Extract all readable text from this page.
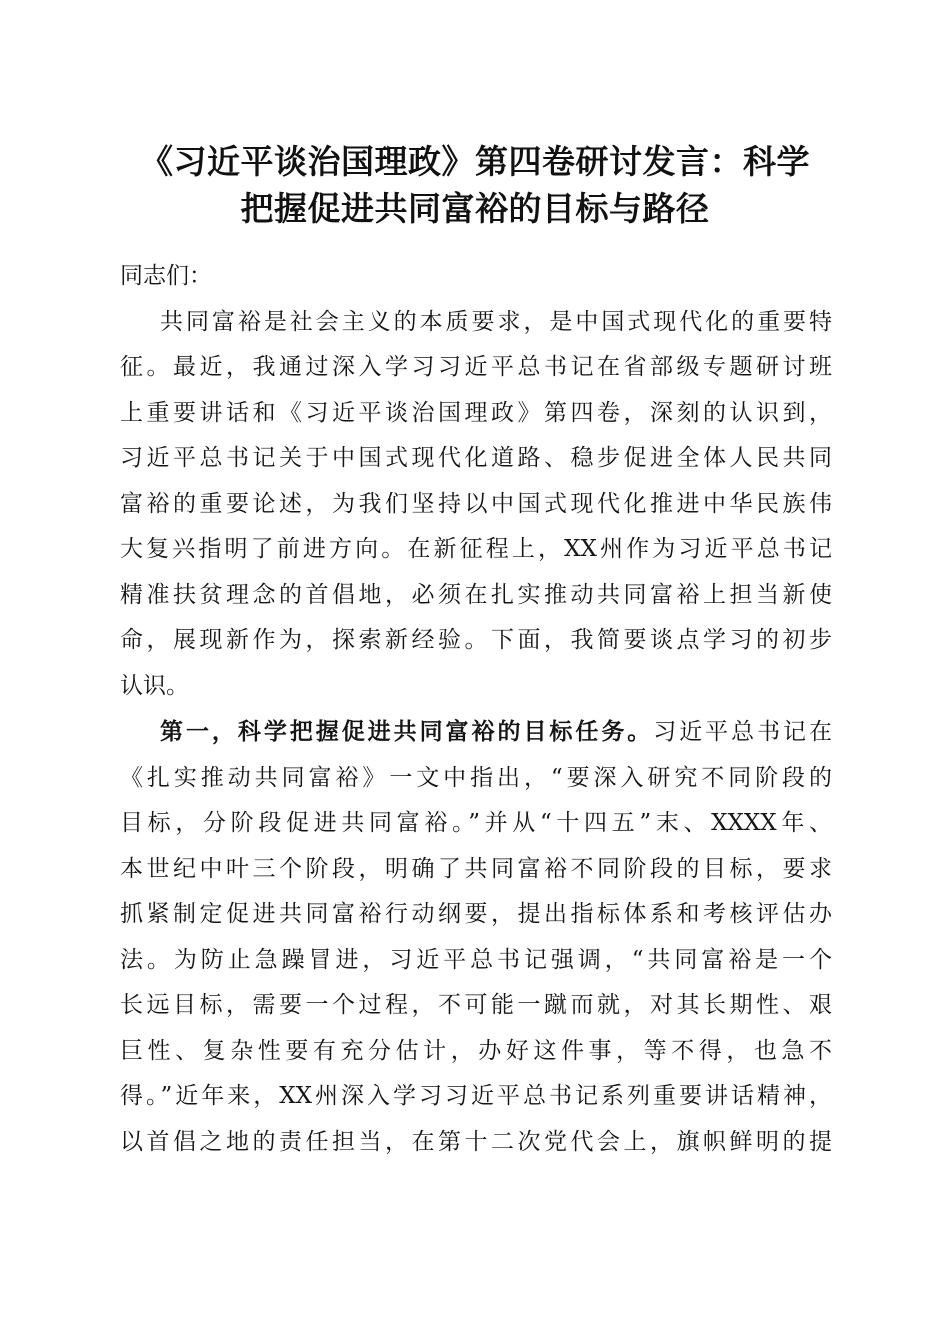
《习近平谈治国理政》第四卷研讨发言：科学
把握促进共同富裕的目标与路径
同志们：
共同富裕是社会主义的本质要求，是中国式现代化的重要特
征。最近，我通过深入学习习近平总书记在省部级专题研讨班
上重要讲话和《习近平谈治国理政》第四卷，深刻的认识到，
习近平总书记关于中国式现代化道路、稳步促进全体人民共同
富裕的重要论述，为我们坚持以中国式现代化推进中华民族伟
大复兴指明了前进方向。在新征程上，XX州作为习近平总书记
精准扶贫理念的首倡地，必须在扎实推动共同富裕上担当新使
命，展现新作为，探索新经验。下面，我简要谈点学习的初步
认识。
第一，科学把握促进共同富裕的目标任务。习近平总书记在
《扎实推动共同富裕》一文中指出，“要深入研究不同阶段的
目标，分阶段促进共同富裕。”并从“十四五”末、XXXX年、
本世纪中叶三个阶段，明确了共同富裕不同阶段的目标，要求
抓紧制定促进共同富裕行动纲要，提出指标体系和考核评估办
法。为防止急躁冒进，习近平总书记强调，“共同富裕是一个
长远目标，需要一个过程，不可能一蹴而就，对其长期性、艰
巨性、复杂性要有充分估计，办好这件事，等不得，也急不
得。”近年来，XX州深入学习习近平总书记系列重要讲话精神，
以首倡之地的责任担当，在第十二次党代会上，旗帜鲜明的提
